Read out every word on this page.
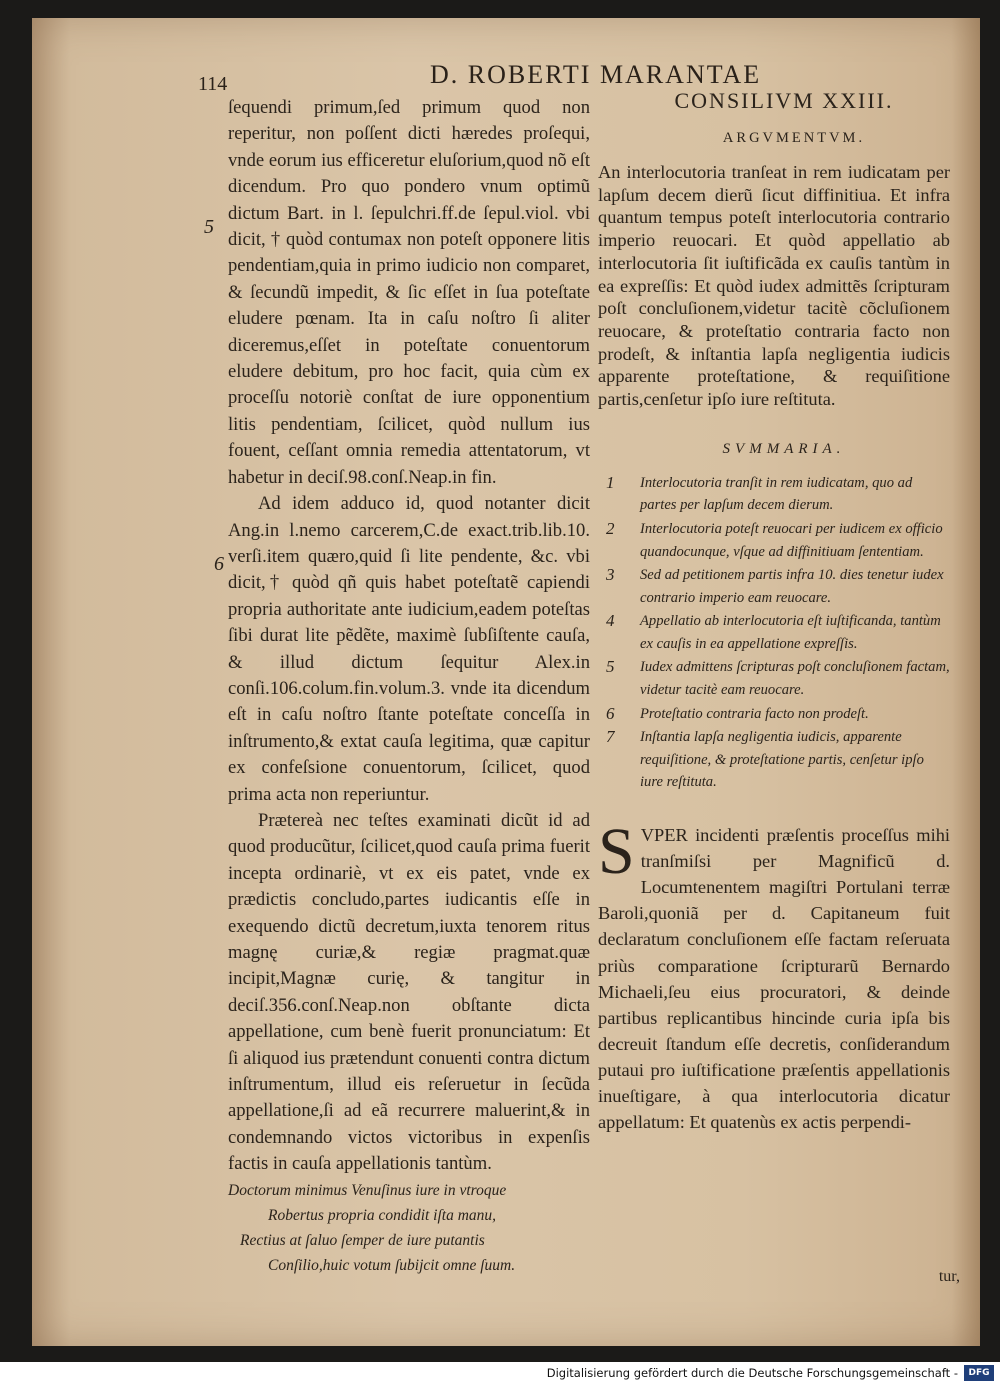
114	D. ROBERTI MARANTAE

ſequendi primum,ſed primum quod non reperitur, non poſſent dicti hæredes proſequi, vnde eorum ius efficeretur eluſorium,quod nõ eſt dicendum. Pro quo pondero vnum optimũ dictum Bart. in l. ſepulchri.ff.de ſepul.viol. vbi dicit, † quòd contumax non poteſt opponere litis pendentiam,quia in primo iudicio non comparet, & ſecundũ impedit, & ſic eſſet in ſua poteſtate eludere pœnam. Ita in caſu noſtro ſi aliter diceremus,eſſet in poteſtate conuentorum eludere debitum, pro hoc facit, quia cùm ex proceſſu notoriè conſtat de iure opponentium litis pendentiam, ſcilicet, quòd nullum ius fouent, ceſſant omnia remedia attentatorum, vt habetur in deciſ.98.conſ.Neap.in fin.

Ad idem adduco id, quod notanter dicit Ang.in l.nemo carcerem,C.de exact.trib.lib.10. verſi.item quæro,quid ſi lite pendente, &c. vbi dicit,† quòd qñ quis habet poteſtatẽ capiendi propria authoritate ante iudicium,eadem poteſtas ſibi durat lite pẽdẽte, maximè ſubſiſtente cauſa, & illud dictum ſequitur Alex.in conſi.106.colum.fin.volum.3. vnde ita dicendum eſt in caſu noſtro ſtante poteſtate conceſſa in inſtrumento,& extat cauſa legitima, quæ capitur ex confeſsione conuentorum, ſcilicet, quod prima acta non reperiuntur.

Prætereà nec teſtes examinati dicũt id ad quod producũtur, ſcilicet,quod cauſa prima fuerit incepta ordinariè, vt ex eis patet, vnde ex prædictis concludo,partes iudicantis eſſe in exequendo dictũ decretum,iuxta tenorem ritus magnę curiæ,& regiæ pragmat.quæ incipit,Magnæ curię, & tangitur in deciſ.356.conſ.Neap.non obſtante dicta appellatione, cum benè fuerit pronunciatum: Et ſi aliquod ius prætendunt conuenti contra dictum inſtrumentum, illud eis reſeruetur in ſecũda appellatione,ſi ad eã recurrere maluerint,& in condemnando victos victoribus in expenſis factis in cauſa appellationis tantùm.

Doctorum minimus Venuſinus iure in vtroque

Robertus propria condidit iſta manu,

Rectius at ſaluo ſemper de iure putantis

Conſilio,huic votum ſubijcit omne ſuum.

5
6
CONSILIVM XXIII.
ARGVMENTVM.
An interlocutoria tranſeat in rem iudicatam per lapſum decem dierũ ſicut diffinitiua. Et infra quantum tempus poteſt interlocutoria contrario imperio reuocari. Et quòd appellatio ab interlocutoria ſit iuſtificãda ex cauſis tantùm in ea expreſſis: Et quòd iudex admittẽs ſcripturam poſt concluſionem,videtur tacitè cõcluſionem reuocare, & proteſtatio contraria facto non prodeſt, & inſtantia lapſa negligentia iudicis apparente proteſtatione, & requiſitione partis,cenſetur ipſo iure reſtituta.
SVMMARIA.
1 Interlocutoria tranſit in rem iudicatam, quo ad partes per lapſum decem dierum.
2 Interlocutoria poteſt reuocari per iudicem ex officio quandocunque, vſque ad diffinitiuam ſententiam.
3 Sed ad petitionem partis infra 10. dies tenetur iudex contrario imperio eam reuocare.
4 Appellatio ab interlocutoria eſt iuſtificanda, tantùm ex cauſis in ea appellatione expreſſis.
5 Iudex admittens ſcripturas poſt concluſionem factam, videtur tacitè eam reuocare.
6 Proteſtatio contraria facto non prodeſt.
7 Inſtantia lapſa negligentia iudicis, apparente requiſitione, & proteſtatione partis, cenſetur ipſo iure reſtituta.
S VPER incidenti præſentis proceſſus mihi tranſmiſsi per Magnificũ d. Locumtenentem magiſtri Portulani terræ Baroli,quoniã per d. Capitaneum fuit declaratum concluſionem eſſe factam reſeruata priùs comparatione ſcripturarũ Bernardo Michaeli,ſeu eius procuratori, & deinde partibus replicantibus hincinde curia ipſa bis decreuit ſtandum eſſe decretis, conſiderandum putaui pro iuſtificatione præſentis appellationis inueſtigare, à qua interlocutoria dicatur appellatum: Et quatenùs ex actis perpendi-
tur,
Digitalisierung gefördert durch die Deutsche Forschungsgemeinschaft -	DFG
